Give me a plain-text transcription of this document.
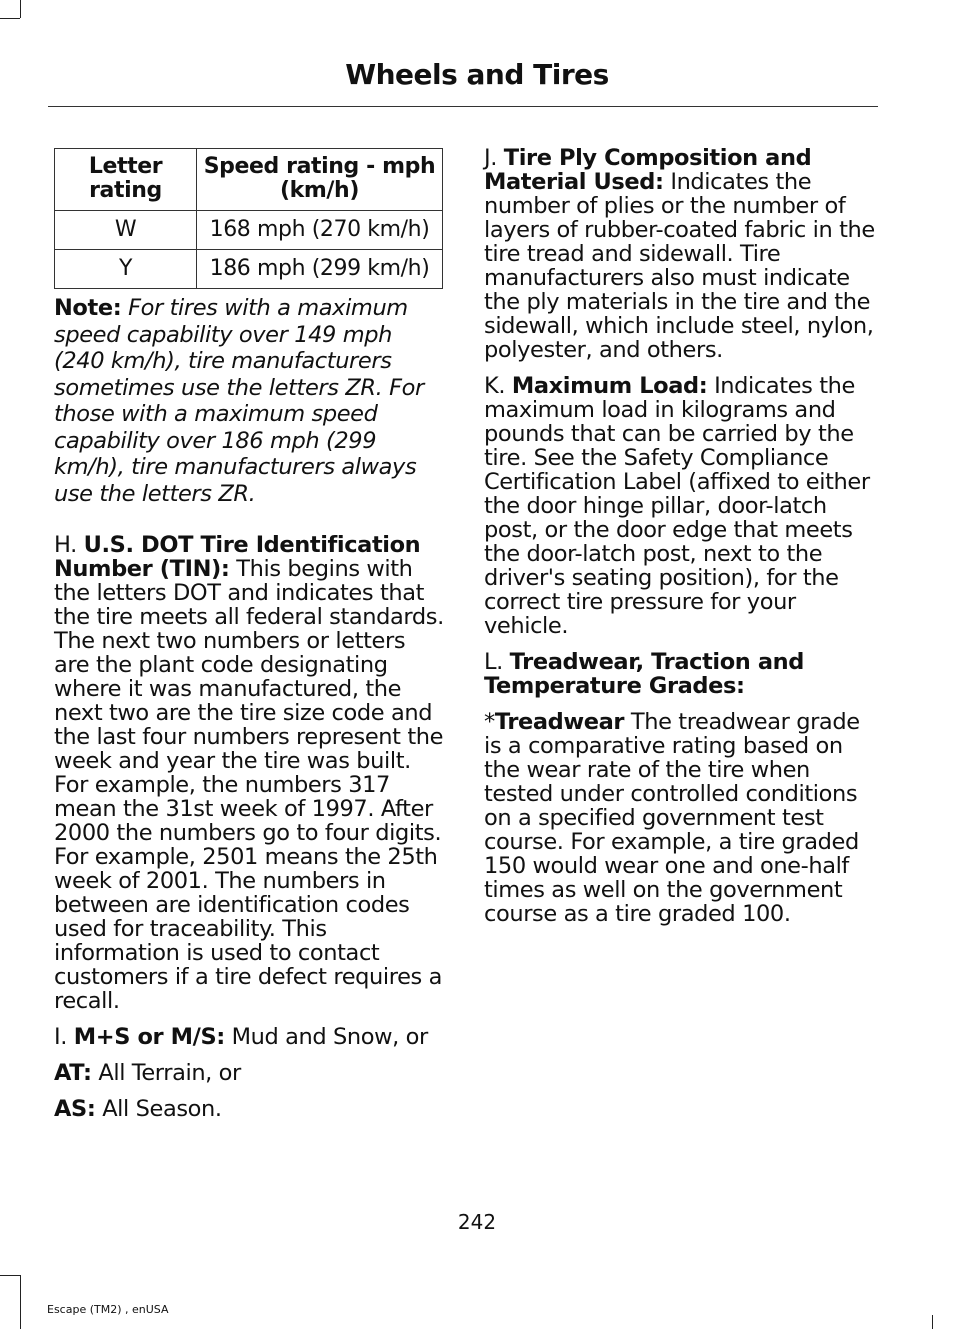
Wheels and Tires
Letter rating	Speed rating - mph (km/h)
W	168 mph (270 km/h)
Y	186 mph (299 km/h)

Note: For tires with a maximum speed capability over 149 mph (240 km/h), tire manufacturers sometimes use the letters ZR. For those with a maximum speed capability over 186 mph (299 km/h), tire manufacturers always use the letters ZR.

H. U.S. DOT Tire Identification Number (TIN): This begins with the letters DOT and indicates that the tire meets all federal standards. The next two numbers or letters are the plant code designating where it was manufactured, the next two are the tire size code and the last four numbers represent the week and year the tire was built. For example, the numbers 317 mean the 31st week of 1997. After 2000 the numbers go to four digits. For example, 2501 means the 25th week of 2001. The numbers in between are identification codes used for traceability. This information is used to contact customers if a tire defect requires a recall.

I. M+S or M/S: Mud and Snow, or

AT: All Terrain, or

AS: All Season.

J. Tire Ply Composition and Material Used: Indicates the number of plies or the number of layers of rubber-coated fabric in the tire tread and sidewall. Tire manufacturers also must indicate the ply materials in the tire and the sidewall, which include steel, nylon, polyester, and others.

K. Maximum Load: Indicates the maximum load in kilograms and pounds that can be carried by the tire. See the Safety Compliance Certification Label (affixed to either the door hinge pillar, door-latch post, or the door edge that meets the door-latch post, next to the driver's seating position), for the correct tire pressure for your vehicle.

L. Treadwear, Traction and Temperature Grades:

*Treadwear The treadwear grade is a comparative rating based on the wear rate of the tire when tested under controlled conditions on a specified government test course. For example, a tire graded 150 would wear one and one-half times as well on the government course as a tire graded 100.

242
Escape (TM2) , enUSA
